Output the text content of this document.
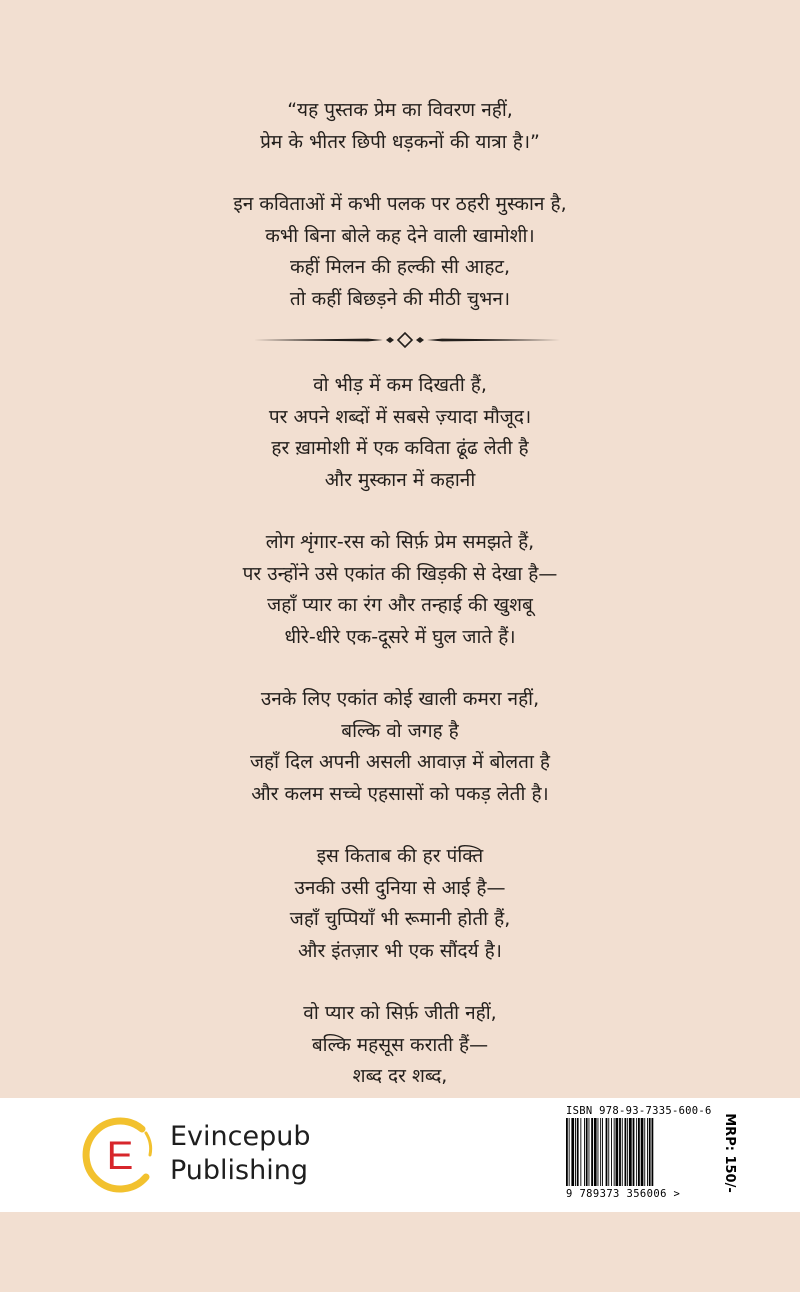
“यह पुस्तक प्रेम का विवरण नहीं,
प्रेम के भीतर छिपी धड़कनों की यात्रा है।”

इन कविताओं में कभी पलक पर ठहरी मुस्कान है,
कभी बिना बोले कह देने वाली खामोशी।
कहीं मिलन की हल्की सी आहट,
तो कहीं बिछड़ने की मीठी चुभन।

वो भीड़ में कम दिखती हैं,
पर अपने शब्दों में सबसे ज़्यादा मौजूद।
हर ख़ामोशी में एक कविता ढूंढ लेती है
और मुस्कान में कहानी

लोग शृंगार-रस को सिर्फ़ प्रेम समझते हैं,
पर उन्होंने उसे एकांत की खिड़की से देखा है—
जहाँ प्यार का रंग और तन्हाई की खुशबू
धीरे-धीरे एक-दूसरे में घुल जाते हैं।

उनके लिए एकांत कोई खाली कमरा नहीं,
बल्कि वो जगह है
जहाँ दिल अपनी असली आवाज़ में बोलता है
और कलम सच्चे एहसासों को पकड़ लेती है।

इस किताब की हर पंक्ति
उनकी उसी दुनिया से आई है—
जहाँ चुप्पियाँ भी रूमानी होती हैं,
और इंतज़ार भी एक सौंदर्य है।

वो प्यार को सिर्फ़ जीती नहीं,
बल्कि महसूस कराती हैं—
शब्द दर शब्द,

E Evincepub
Publishing
ISBN 978-93-7335-600-6
9 789373 356006 >
MRP: 150/-
